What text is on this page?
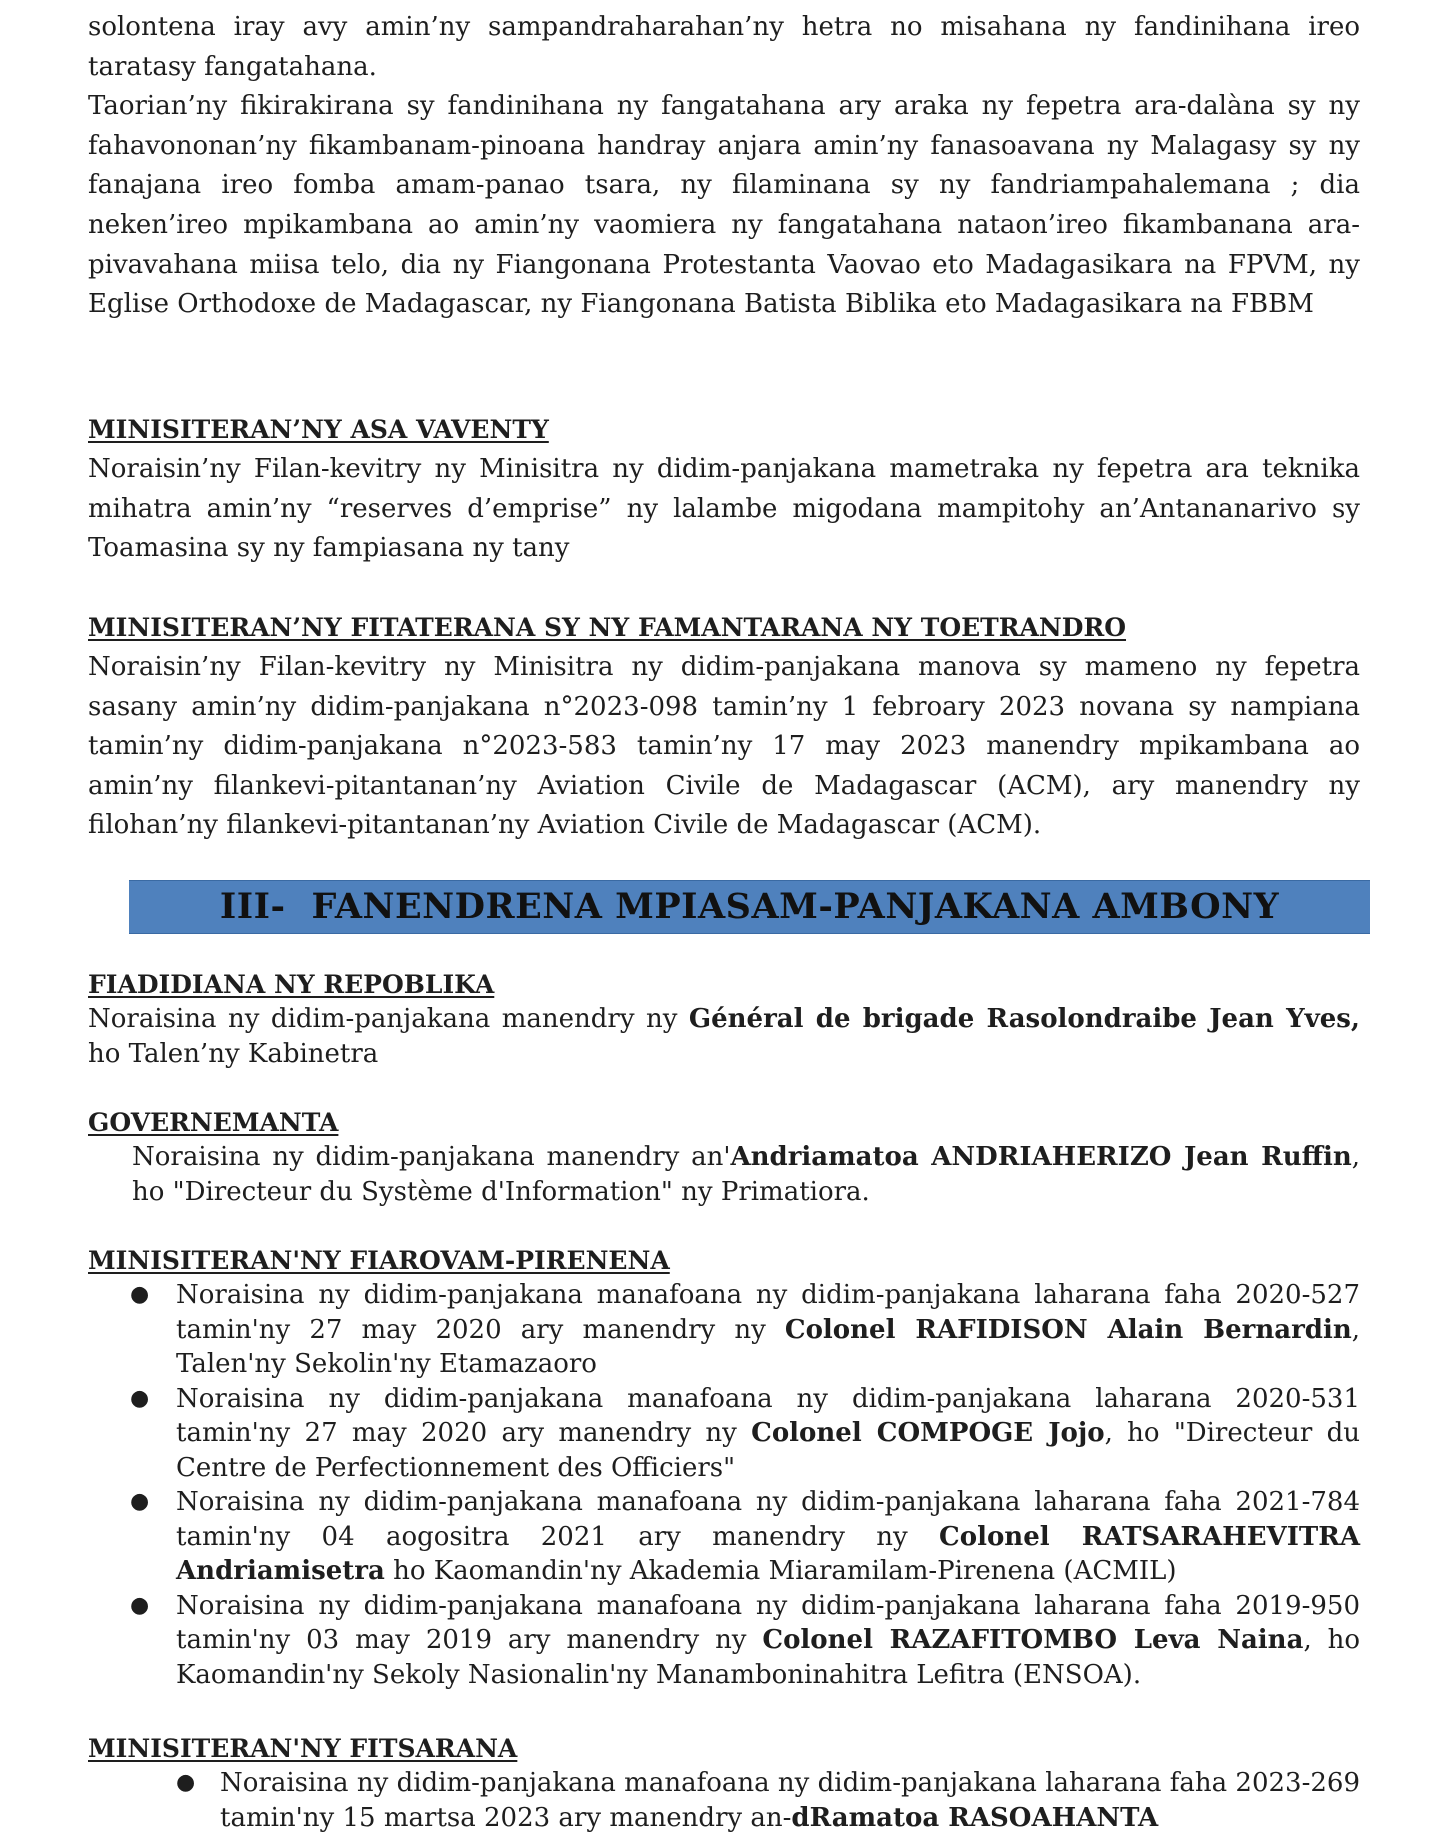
solontena iray avy amin’ny sampandraharahan’ny hetra no misahana ny fandinihana ireo taratasy fangatahana.

Taorian’ny fikirakirana sy fandinihana ny fangatahana ary araka ny fepetra ara-dalàna sy ny fahavononan’ny fikambanam-pinoana handray anjara amin’ny fanasoavana ny Malagasy sy ny fanajana ireo fomba amam-panao tsara, ny filaminana sy ny fandriampahalemana ; dia neken’ireo mpikambana ao amin’ny vaomiera ny fangatahana nataon’ireo fikambanana ara-pivavahana miisa telo, dia ny Fiangonana Protestanta Vaovao eto Madagasikara na FPVM, ny Eglise Orthodoxe de Madagascar, ny Fiangonana Batista Biblika eto Madagasikara na FBBM

MINISITERAN’NY ASA VAVENTY

Noraisin’ny Filan-kevitry ny Minisitra ny didim-panjakana mametraka ny fepetra ara teknika mihatra amin’ny “reserves d’emprise” ny lalambe migodana mampitohy an’Antananarivo sy Toamasina sy ny fampiasana ny tany

MINISITERAN’NY FITATERANA SY NY FAMANTARANA NY TOETRANDRO

Noraisin’ny Filan-kevitry ny Minisitra ny didim-panjakana manova sy mameno ny fepetra sasany amin’ny didim-panjakana n°2023-098 tamin’ny 1 febroary 2023 novana sy nampiana tamin’ny didim-panjakana n°2023-583 tamin’ny 17 may 2023 manendry mpikambana ao amin’ny filankevi-pitantanan’ny Aviation Civile de Madagascar (ACM), ary manendry ny filohan’ny filankevi-pitantanan’ny Aviation Civile de Madagascar (ACM).

III- FANENDRENA MPIASAM-PANJAKANA AMBONY
FIADIDIANA NY REPOBLIKA

Noraisina ny didim-panjakana manendry ny Général de brigade Rasolondraibe Jean Yves, ho Talen’ny Kabinetra

GOVERNEMANTA

Noraisina ny didim-panjakana manendry an'Andriamatoa ANDRIAHERIZO Jean Ruffin, ho "Directeur du Système d'Information" ny Primatiora.

MINISITERAN'NY FIAROVAM-PIRENENA
● Noraisina ny didim-panjakana manafoana ny didim-panjakana laharana faha 2020-527 tamin'ny 27 may 2020 ary manendry ny Colonel RAFIDISON Alain Bernardin, Talen'ny Sekolin'ny Etamazaoro
● Noraisina ny didim-panjakana manafoana ny didim-panjakana laharana 2020-531 tamin'ny 27 may 2020 ary manendry ny Colonel COMPOGE Jojo, ho "Directeur du Centre de Perfectionnement des Officiers"
● Noraisina ny didim-panjakana manafoana ny didim-panjakana laharana faha 2021-784 tamin'ny 04 aogositra 2021 ary manendry ny Colonel RATSARAHEVITRA Andriamisetra ho Kaomandin'ny Akademia Miaramilam-Pirenena (ACMIL)
● Noraisina ny didim-panjakana manafoana ny didim-panjakana laharana faha 2019-950 tamin'ny 03 may 2019 ary manendry ny Colonel RAZAFITOMBO Leva Naina, ho Kaomandin'ny Sekoly Nasionalin'ny Manamboninahitra Lefitra (ENSOA).
MINISITERAN'NY FITSARANA
● Noraisina ny didim-panjakana manafoana ny didim-panjakana laharana faha 2023-269 tamin'ny 15 martsa 2023 ary manendry an-dRamatoa RASOAHANTA
